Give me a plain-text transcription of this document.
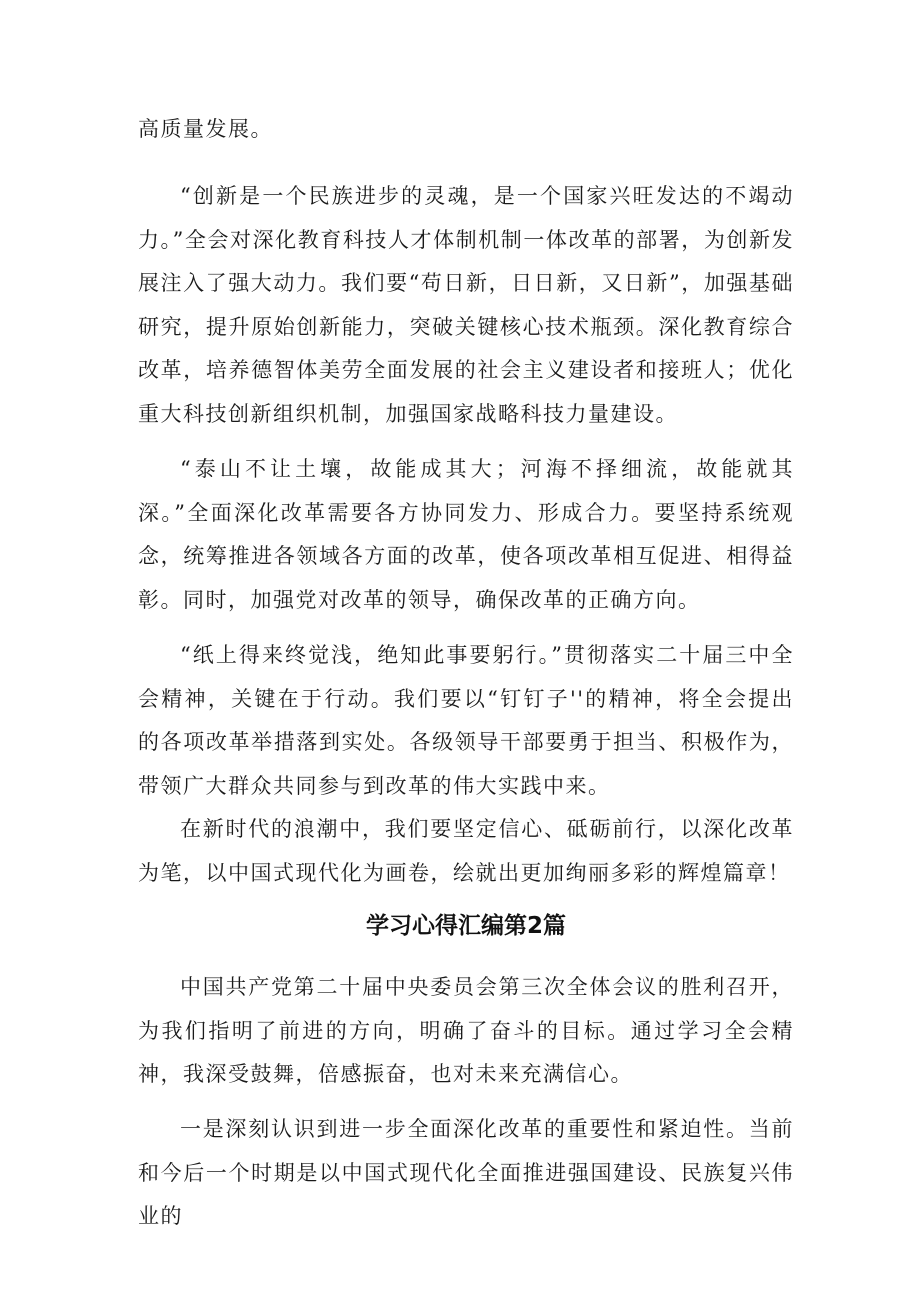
高质量发展。

“创新是一个民族进步的灵魂，是一个国家兴旺发达的不竭动力。”全会对深化教育科技人才体制机制一体改革的部署，为创新发展注入了强大动力。我们要“苟日新，日日新，又日新”，加强基础研究，提升原始创新能力，突破关键核心技术瓶颈。深化教育综合改革，培养德智体美劳全面发展的社会主义建设者和接班人；优化重大科技创新组织机制，加强国家战略科技力量建设。

“泰山不让土壤，故能成其大；河海不择细流，故能就其深。”全面深化改革需要各方协同发力、形成合力。要坚持系统观念，统筹推进各领域各方面的改革，使各项改革相互促进、相得益彰。同时，加强党对改革的领导，确保改革的正确方向。

“纸上得来终觉浅，绝知此事要躬行。”贯彻落实二十届三中全会精神，关键在于行动。我们要以“钉钉子''的精神，将全会提出的各项改革举措落到实处。各级领导干部要勇于担当、积极作为，带领广大群众共同参与到改革的伟大实践中来。

在新时代的浪潮中，我们要坚定信心、砥砺前行，以深化改革为笔，以中国式现代化为画卷，绘就出更加绚丽多彩的辉煌篇章！

学习心得汇编第2篇

中国共产党第二十届中央委员会第三次全体会议的胜利召开，为我们指明了前进的方向，明确了奋斗的目标。通过学习全会精神，我深受鼓舞，倍感振奋，也对未来充满信心。

一是深刻认识到进一步全面深化改革的重要性和紧迫性。当前和今后一个时期是以中国式现代化全面推进强国建设、民族复兴伟业的
